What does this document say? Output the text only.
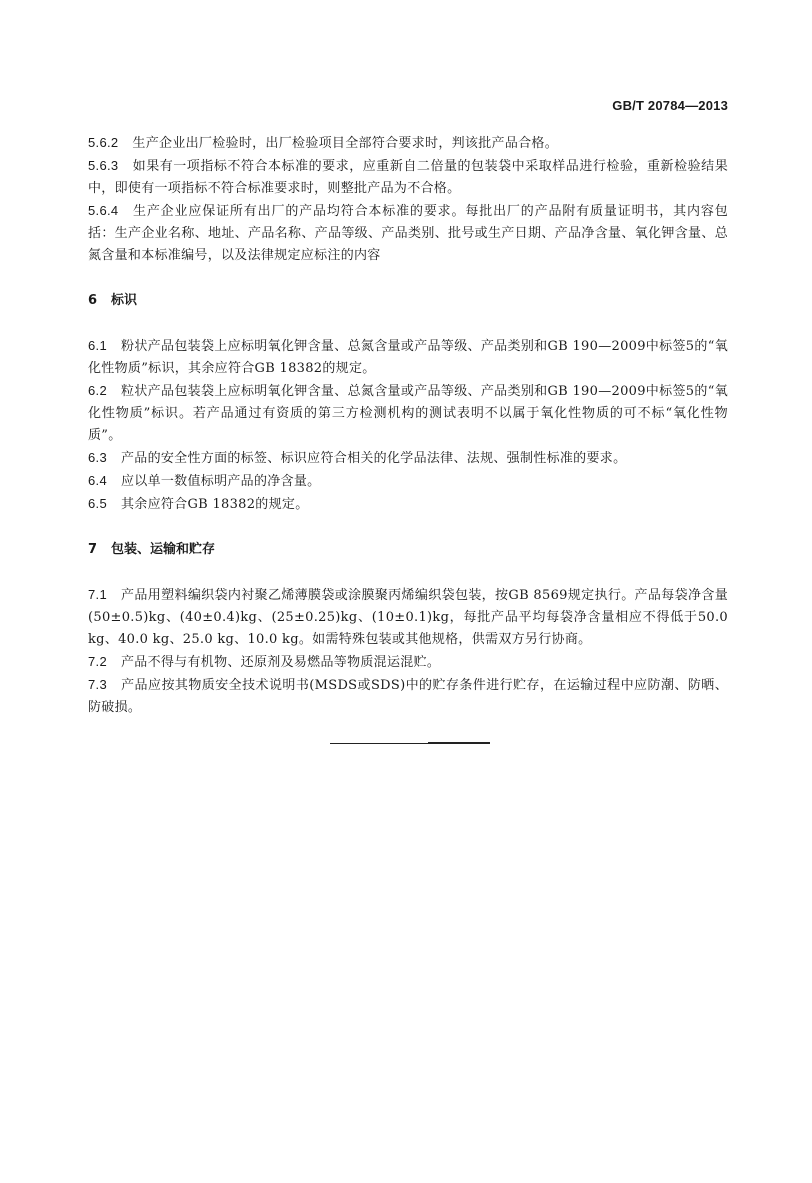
GB/T 20784—2013

5.6.2 生产企业出厂检验时，出厂检验项目全部符合要求时，判该批产品合格。

5.6.3 如果有一项指标不符合本标准的要求，应重新自二倍量的包装袋中采取样品进行检验，重新检验结果中，即使有一项指标不符合标准要求时，则整批产品为不合格。

5.6.4 生产企业应保证所有出厂的产品均符合本标准的要求。每批出厂的产品附有质量证明书，其内容包括：生产企业名称、地址、产品名称、产品等级、产品类别、批号或生产日期、产品净含量、氧化钾含量、总氮含量和本标准编号，以及法律规定应标注的内容

6 标识

6.1 粉状产品包装袋上应标明氧化钾含量、总氮含量或产品等级、产品类别和GB 190—2009中标签5的“氧化性物质”标识，其余应符合GB 18382的规定。

6.2 粒状产品包装袋上应标明氧化钾含量、总氮含量或产品等级、产品类别和GB 190—2009中标签5的“氧化性物质”标识。若产品通过有资质的第三方检测机构的测试表明不以属于氧化性物质的可不标“氧化性物质”。

6.3 产品的安全性方面的标签、标识应符合相关的化学品法律、法规、强制性标准的要求。

6.4 应以单一数值标明产品的净含量。

6.5 其余应符合GB 18382的规定。

7 包装、运输和贮存

7.1 产品用塑料编织袋内衬聚乙烯薄膜袋或涂膜聚丙烯编织袋包装，按GB 8569规定执行。产品每袋净含量(50±0.5)kg、(40±0.4)kg、(25±0.25)kg、(10±0.1)kg，每批产品平均每袋净含量相应不得低于50.0 kg、40.0 kg、25.0 kg、10.0 kg。如需特殊包装或其他规格，供需双方另行协商。

7.2 产品不得与有机物、还原剂及易燃品等物质混运混贮。

7.3 产品应按其物质安全技术说明书(MSDS或SDS)中的贮存条件进行贮存，在运输过程中应防潮、防晒、防破损。
